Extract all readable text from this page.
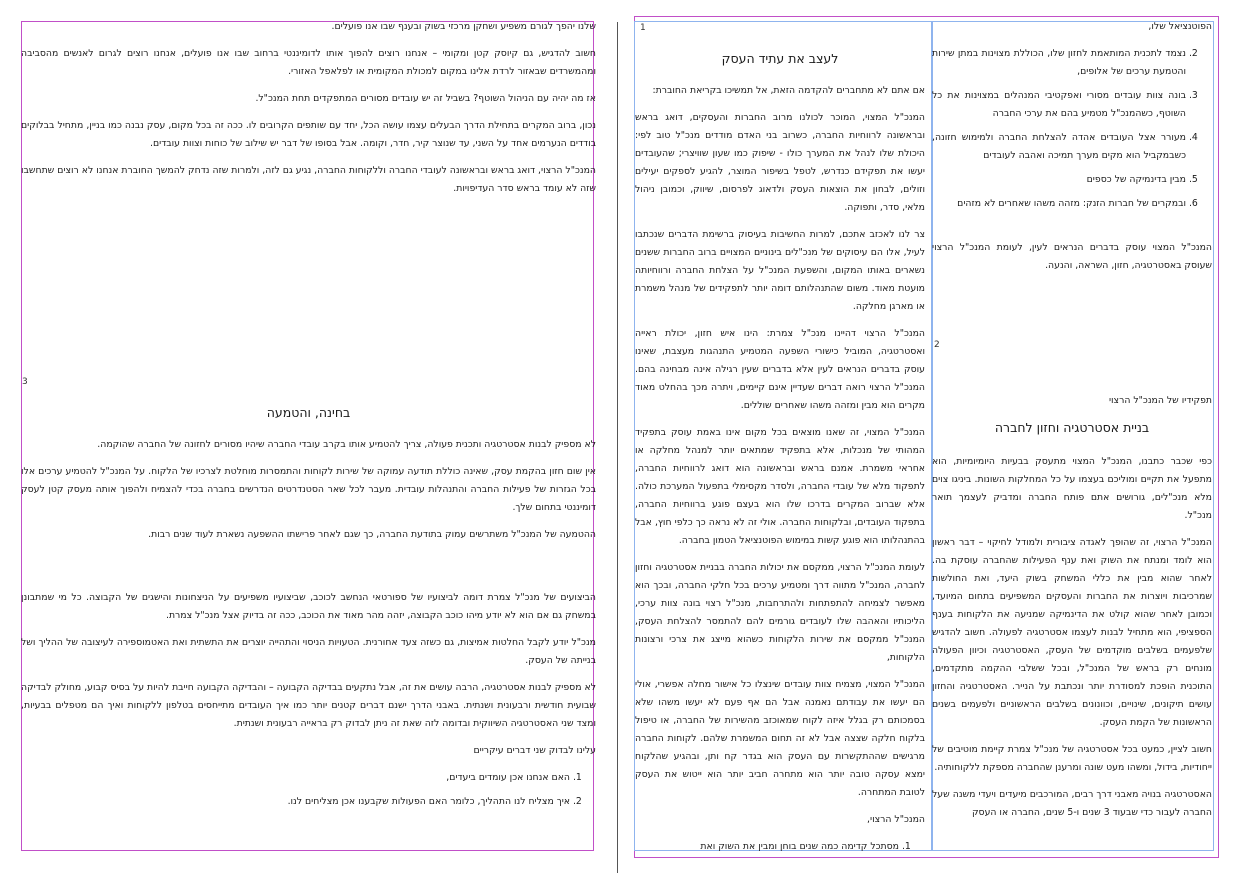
שלנו יהפך לגורם משפיע ושחקן מרכזי בשוק ובענף שבו אנו פועלים.

חשוב להדגיש, גם קיוסק קטן ומקומי – אנחנו רוצים להפוך אותו לדומיננטי ברחוב שבו אנו פועלים, אנחנו רוצים לגרום לאנשים מהסביבה ומהמשרדים שבאזור לרדת אלינו במקום למכולת המקומית או לפלאפל האזורי.

אז מה יהיה עם הניהול השוטף? בשביל זה יש עובדים מסורים המתפקדים תחת המנכ"ל.

נכון, ברוב המקרים בתחילת הדרך הבעלים עצמו עושה הכל, יחד עם שותפים הקרובים לו. ככה זה בכל מקום, עסק נבנה כמו בניין, מתחיל בבלוקים בודדים הנערמים אחד על השני, עד שנוצר קיר, חדר, וקומה. אבל בסופו של דבר יש שילוב של כוחות וצוות עובדים.

המנכ"ל הרצוי, דואג בראש ובראשונה לעובדי החברה וללקוחות החברה, נגיע גם לזה, ולמרות שזה נדחק להמשך החוברת אנחנו לא רוצים שתחשבו שזה לא עומד בראש סדר העדיפויות.

3
בחינה, והטמעה

לא מספיק לבנות אסטרטגיה ותכנית פעולה, צריך להטמיע אותו בקרב עובדי החברה שיהיו מסורים לחזונה של החברה שהוקמה.

אין שום חזון בהקמת עסק, שאינה כוללת תודעה עמוקה של שירות לקוחות והתמסרות מוחלטת לצרכיו של הלקוח. על המנכ"ל להטמיע ערכים אלו בכל הגזרות של פעילות החברה והתנהלות עובדית. מעבר לכל שאר הסטנדרטים הנדרשים בחברה בכדי להצמיח ולהפוך אותה מעסק קטן לעסק דומיננטי בתחום שלך.

ההטמעה של המנכ"ל משתרשים עמוק בתודעת החברה, כך שגם לאחר פרישתו ההשפעה נשארת לעוד שנים רבות.

הביצועים של מנכ"ל צמרת דומה לביצועיו של ספורטאי הנחשב לכוכב, שביצועיו משפיעים על הניצחונות והישגים של הקבוצה. כל מי שמתבונן במשחק גם אם הוא לא יודע מיהו כוכב הקבוצה, יזהה מהר מאוד את הכוכב, ככה זה בדיוק אצל מנכ"ל צמרת.

מנכ"ל יודע לקבל החלטות אמיצות, גם כשזה צעד אחורנית. הטעויות הניסוי והתהייה יוצרים את התשתית ואת האטמוספירה לעיצובה של ההליך ושל בנייתה של העסק.

לא מספיק לבנות אסטרטגיה, הרבה עושים את זה, אבל נתקעים בבדיקה הקבועה – והבדיקה הקבועה חייבת להיות על בסיס קבוע, מחולק לבדיקה שבועית חודשית ורבעונית ושנתית. באבני הדרך ישנם דברים קטנים יותר כמו איך העובדים מתייחסים בטלפון ללקוחות ואיך הם מטפלים בבעיות, ומצד שני האסטרטגיה השיווקית ובדומה לזה שאת זה ניתן לבדוק רק בראייה רבעונית ושנתית.

עלינו לבדוק שני דברים עיקריים

1. האם אנחנו אכן עומדים ביעדים,
2. איך מצליח לנו התהליך, כלומר האם הפעולות שקבענו אכן מצליחים לנו.
1
לעצב את עתיד העסק

אם אתם לא מתחברים להקדמה הזאת, אל תמשיכו בקריאת החוברת:

המנכ"ל המצוי, המוכר לכולנו מרוב החברות והעסקים, דואג בראש ובראשונה לרווחיות החברה, כשרוב בני האדם מודדים מנכ"ל טוב לפי: היכולת שלו לנהל את המערך כולו - שיפוק כמו שעון שוויצרי; שהעובדים יעשו את תפקידם כנדרש, לטפל בשיפור המוצר, להגיע לספקים יעילים וזולים, לבחון את הוצאות העסק ולדאוג לפרסום, שיווק, וכמובן ניהול מלאי, סדר, ותפוקה.

צר לנו לאכזב אתכם, למרות החשיבות בעיסוק ברשימת הדברים שנכתבו לעיל, אלו הם עיסוקים של מנכ"לים בינוניים המצויים ברוב החברות ששנים נשארים באותו המקום, והשפעת המנכ"ל על הצלחת החברה ורווחיותה מועטת מאוד. משום שהתנהלותם דומה יותר לתפקידים של מנהל משמרת או מארגן מחלקה.

המנכ"ל הרצוי דהיינו מנכ"ל צמרת: הינו איש חזון, יכולת ראייה ואסטרטגיה, המוביל כישורי השפעה המטמיע התנהגות מעצבת, שאינו עוסק בדברים הנראים לעין אלא בדברים שעין רגילה אינה מבחינה בהם. המנכ"ל הרצוי רואה דברים שעדיין אינם קיימים, ויתרה מכך בהחלט מאוד מקרים הוא מבין ומזהה משהו שאחרים שוללים.

המנכ"ל המצוי, זה שאנו מוצאים בכל מקום אינו באמת עוסק בתפקיד המהותי של מנכלות, אלא בתפקיד שמתאים יותר למנהל מחלקה או אחראי משמרת. אמנם בראש ובראשונה הוא דואג לרווחיות החברה, לתפקוד מלא של עובדי החברה, ולסדר מקסימלי בתפעול המערכת כולה. אלא שברוב המקרים בדרכו שלו הוא בעצם פוגע ברווחיות החברה, בתפקוד העובדים, ובלקוחות החברה. אולי זה לא נראה כך כלפי חוץ, אבל בהתנהלותו הוא פוגע קשות במימוש הפוטנציאל הטמון בחברה.

לעומת המנכ"ל הרצוי, ממקסם את יכולות החברה בבניית אסטרטגיה וחזון לחברה, המנכ"ל מתווה דרך ומטמיע ערכים בכל חלקי החברה, ובכך הוא מאפשר לצמיחה להתפתחות ולהתרחבות, מנכ"ל רצוי בונה צוות ערכי, הליכותיו והאהבה שלו לעובדים גורמים להם להתמסר להצלחת העסק, המנכ"ל ממקסם את שירות הלקוחות כשהוא מייצג את צרכי ורצונות הלקוחות,

המנכ"ל המצוי, מצמיח צוות עובדים שינצלו כל אישור מחלה אפשרי, אולי הם יעשו את עבודתם נאמנה אבל הם אף פעם לא יעשו משהו שלא בסמכותם רק בגלל איזה לקוח שמאוכזב מהשירות של החברה, או טיפול בלקוח חלקה שצצה אבל לא זה תחום המשמרת שלהם. לקוחות החברה מרגישים שההתקשרות עם העסק הוא בגדר קח ותן, ובהגיע שהלקוח ימצא עסקה טובה יותר הוא מתחרה חביב יותר הוא ייטוש את העסק לטובת המתחרה.

המנכ"ל הרצוי,

1. מסתכל קדימה כמה שנים בוחן ומבין את השוק ואת

הפוטנציאל שלו,

2. נצמד לתכנית המותאמת לחזון שלו, הכוללת מצוינות במתן שירות והטמעת ערכים של אלופים,
3. בונה צוות עובדים מסורי ואפקטיבי המנהלים במצוינות את כל השוטף, כשהמנכ"ל מטמיע בהם את ערכי החברה
4. מעורר אצל העובדים אהדה להצלחת החברה ולמימוש חזונה, כשבמקביל הוא מקים מערך תמיכה ואהבה לעובדים
5. מבין בדינמיקה של כספים
6. ובמקרים של חברות הזנק: מזהה משהו שאחרים לא מזהים

המנכ"ל המצוי עוסק בדברים הנראים לעין, לעומת המנכ"ל הרצוי שעוסק באסטרטגיה, חזון, השראה, והנעה.

2

תפקידיו של המנכ"ל הרצוי

בניית אסטרטגיה וחזון לחברה

כפי שכבר כתבנו, המנכ"ל המצוי מתעסק בבעיות היומיומיות, הוא מתפעל את תקיים ומוליכם בעצמו על כל המחלקות השונות. ביניגו צוים מלא מנכ"לים, גורושים אתם פותח החברה ומדביק לעצמך תואר מנכ"ל.

המנכ"ל הרצוי, זה שהופך לאגדה ציבורית ולמודל לחיקוי – דבר ראשון הוא לומד ומנתח את השוק ואת ענף הפעילות שהחברה עוסקת בה. לאחר שהוא מבין את כללי המשחק בשוק היעד, ואת החולשות שמרכיבות ויוצרות את החברות והעסקים המשפיעים בתחום המיועד, וכמובן לאחר שהוא קולט את הדינמיקה שמניעה את הלקוחות בענף הספציפי, הוא מתחיל לבנות לעצמו אסטרטגיה לפעולה. חשוב להדגיש שלפעמים בשלבים מוקדמים של העסק, האסטרטגיה וכיוון הפעולה מונחים רק בראש של המנכ"ל, ובכל ששלבי ההקמה מתקדמים, התוכנית הופכת למסודרת יותר ונכתבת על הנייר. האסטרטגיה והחזון עושים תיקונים, שינויים, וכוונונים בשלבים הראשוניים ולפעמים בשנים הראשונות של הקמת העסק.

חשוב לציין, כמעט בכל אסטרטגיה של מנכ"ל צמרת קיימת מוטיבים של ייחודיות, בידול, ומשהו מעט שונה ומרענן שהחברה מספקת ללקוחותיה.

האסטרטגיה בנויה מאבני דרך רבים, המורכבים מיעדים ויעדי משנה שעל החברה לעבור כדי שבעוד 3 שנים ו-5 שנים, החברה או העסק
